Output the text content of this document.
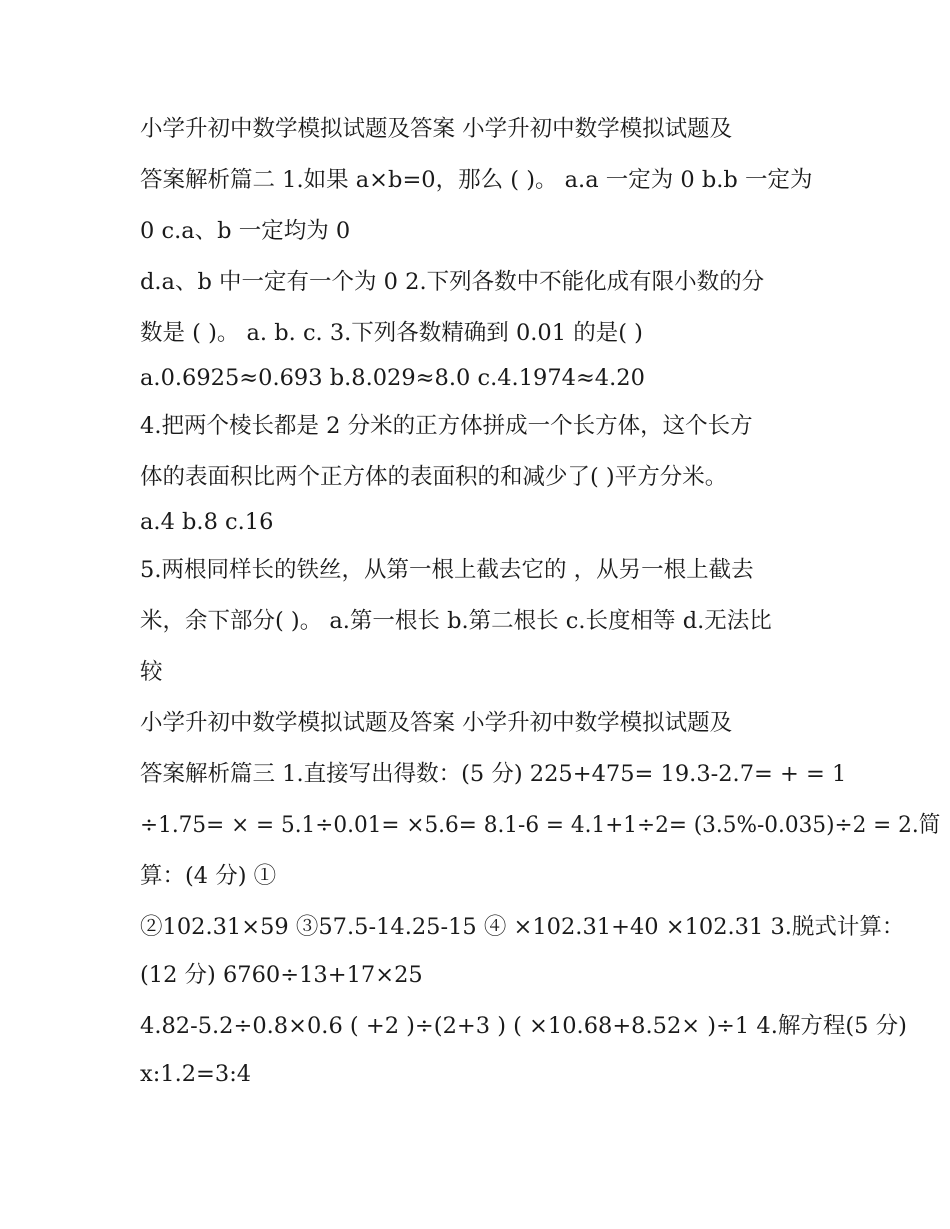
小学升初中数学模拟试题及答案 小学升初中数学模拟试题及
答案解析篇二 1.如果 a×b=0，那么 ( )。 a.a 一定为 0 b.b 一定为
0 c.a、b 一定均为 0
d.a、b 中一定有一个为 0 2.下列各数中不能化成有限小数的分
数是 ( )。 a. b. c. 3.下列各数精确到 0.01 的是( )
a.0.6925≈0.693 b.8.029≈8.0 c.4.1974≈4.20
4.把两个棱长都是 2 分米的正方体拼成一个长方体，这个长方
体的表面积比两个正方体的表面积的和减少了( )平方分米。
a.4 b.8 c.16
5.两根同样长的铁丝，从第一根上截去它的 ，从另一根上截去
米，余下部分( )。 a.第一根长 b.第二根长 c.长度相等 d.无法比
较
小学升初中数学模拟试题及答案 小学升初中数学模拟试题及
答案解析篇三 1.直接写出得数：(5 分) 225+475= 19.3-2.7= + = 1
÷1.75= × = 5.1÷0.01= ×5.6= 8.1-6 = 4.1+1÷2= (3.5%-0.035)÷2 = 2.简
算：(4 分) ①
②102.31×59 ③57.5-14.25-15 ④ ×102.31+40 ×102.31 3.脱式计算：
(12 分) 6760÷13+17×25
4.82-5.2÷0.8×0.6 ( +2 )÷(2+3 ) ( ×10.68+8.52× )÷1 4.解方程(5 分)
x:1.2=3:4
